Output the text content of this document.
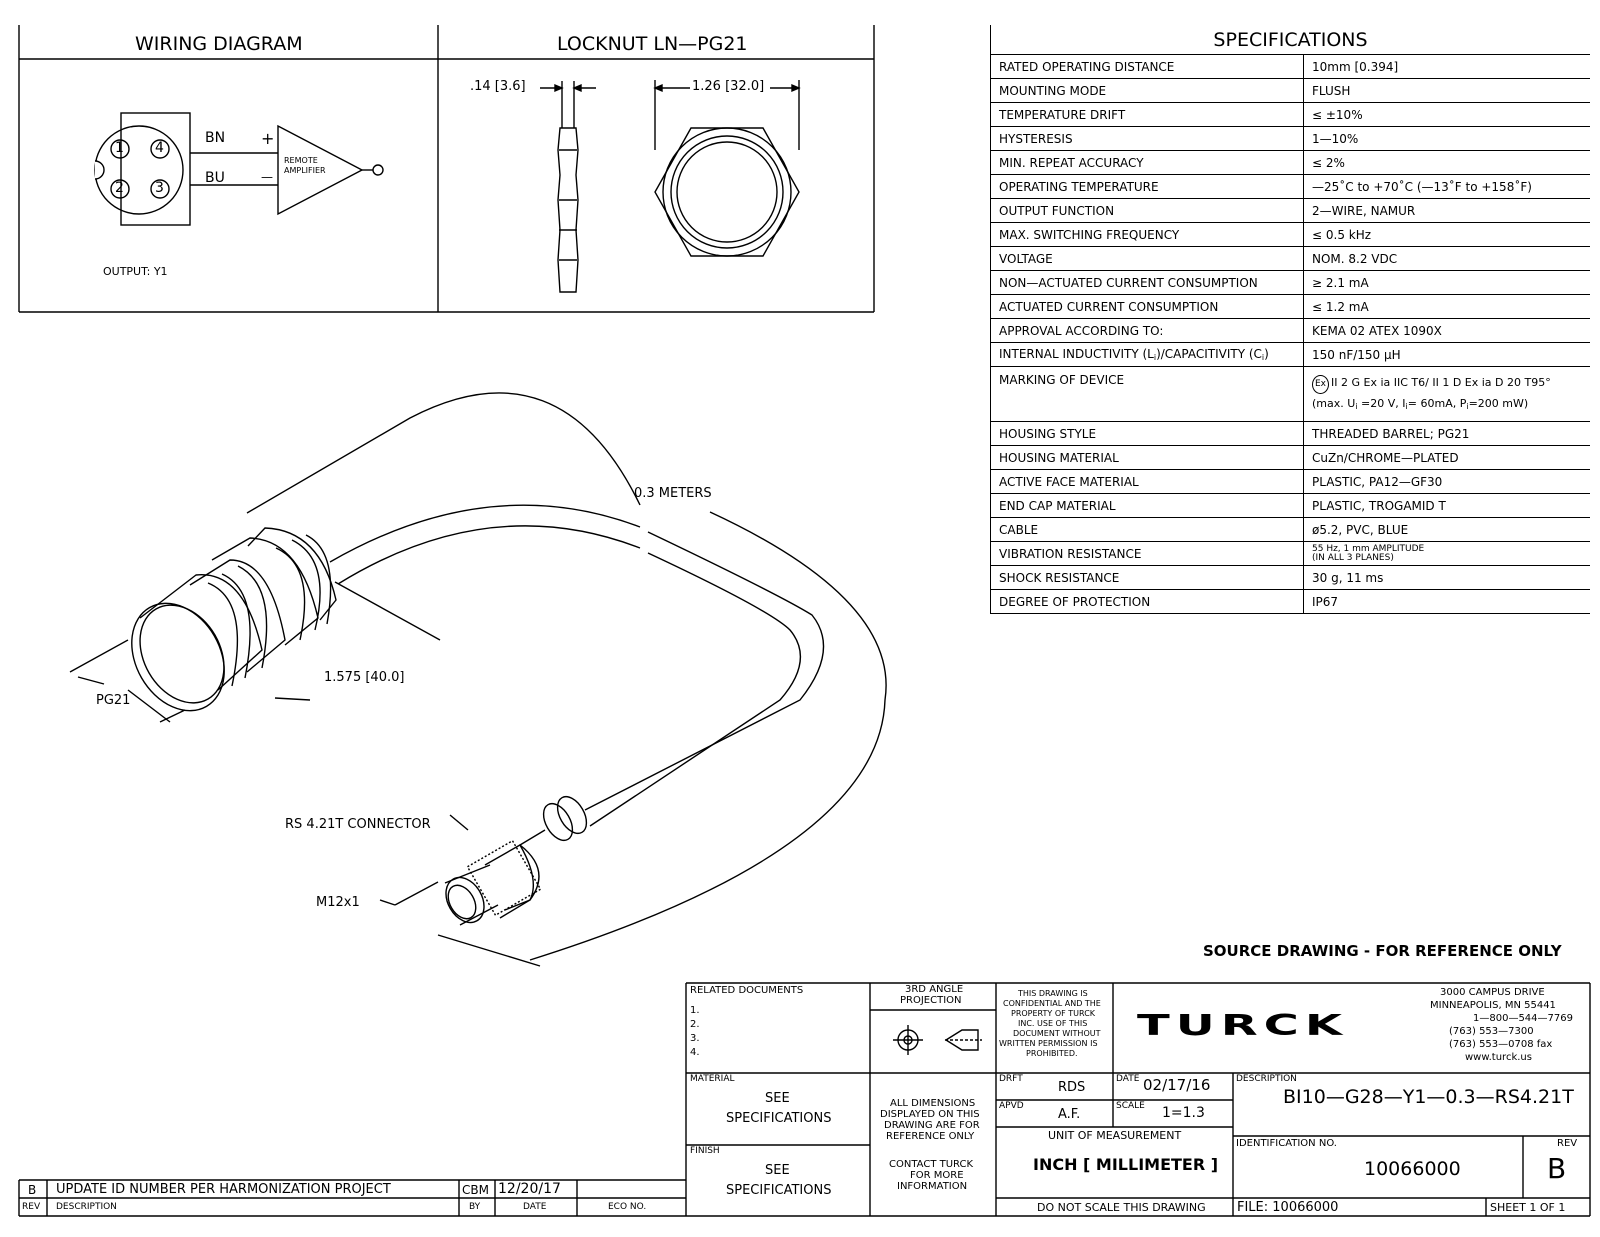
WIRING DIAGRAM	LOCKNUT LN—PG21
1 4
2 3
BN
BU
+
—
REMOTE
AMPLIFIER
OUTPUT: Y1
.14 [3.6]	1.26 [32.0]
0.3 METERS
PG21
1.575 [40.0]
RS 4.21T CONNECTOR
M12x1
SPECIFICATIONS	
RATED OPERATING DISTANCE	10mm [0.394]
MOUNTING MODE	FLUSH
TEMPERATURE DRIFT	≤ ±10%
HYSTERESIS	1—10%
MIN. REPEAT ACCURACY	≤ 2%
OPERATING TEMPERATURE	—25˚C to +70˚C (—13˚F to +158˚F)
OUTPUT FUNCTION	2—WIRE, NAMUR
MAX. SWITCHING FREQUENCY	≤ 0.5 kHz
VOLTAGE	NOM. 8.2 VDC
NON—ACTUATED CURRENT CONSUMPTION	≥ 2.1 mA
ACTUATED CURRENT CONSUMPTION	≤ 1.2 mA
APPROVAL ACCORDING TO:	KEMA 02 ATEX 1090X
INTERNAL INDUCTIVITY $(L_i)$/CAPACITIVITY $(C_i)$	150 nF/150 µH
MARKING OF DEVICE	Ex II 2 G Ex ia IIC T6/ II 1 D Ex ia D 20 T95°
(max. $U_i =20$ V, $I_i= 60mA$, $P_i=200$ mW)
HOUSING STYLE	THREADED BARREL; PG21
HOUSING MATERIAL	CuZn/CHROME—PLATED
ACTIVE FACE MATERIAL	PLASTIC, PA12—GF30
END CAP MATERIAL	PLASTIC, TROGAMID T
CABLE	ø5.2, PVC, BLUE
VIBRATION RESISTANCE	55 Hz, 1 mm AMPLITUDE
(IN ALL 3 PLANES)

SHOCK RESISTANCE	30 g, 11 ms
DEGREE OF PROTECTION	IP67
SOURCE DRAWING - FOR REFERENCE ONLY
RELATED DOCUMENTS
1.
2.
3.
4.
3RD ANGLE
PROJECTION
THIS DRAWING IS
CONFIDENTIAL AND THE
PROPERTY OF TURCK
INC. USE OF THIS
DOCUMENT WITHOUT
WRITTEN PERMISSION IS
PROHIBITED.
TURCK
3000 CAMPUS DRIVE
MINNEAPOLIS, MN 55441
1—800—544—7769
(763) 553—7300
(763) 553—0708 fax
www.turck.us
MATERIAL
SEE
SPECIFICATIONS
FINISH
SEE
SPECIFICATIONS
ALL DIMENSIONS
DISPLAYED ON THIS
DRAWING ARE FOR
REFERENCE ONLY
CONTACT TURCK
FOR MORE
INFORMATION
DRFT
RDS
DATE 02/17/16
APVD
A.F.
SCALE 1=1.3
UNIT OF MEASUREMENT
INCH [ MILLIMETER ]
DO NOT SCALE THIS DRAWING
DESCRIPTION
BI10—G28—Y1—0.3—RS4.21T
IDENTIFICATION NO.
10066000
REV
B
FILE: 10066000	SHEET 1 OF 1
B UPDATE ID NUMBER PER HARMONIZATION PROJECT	CBM 12/20/17
REV DESCRIPTION	BY	DATE	ECO NO.
